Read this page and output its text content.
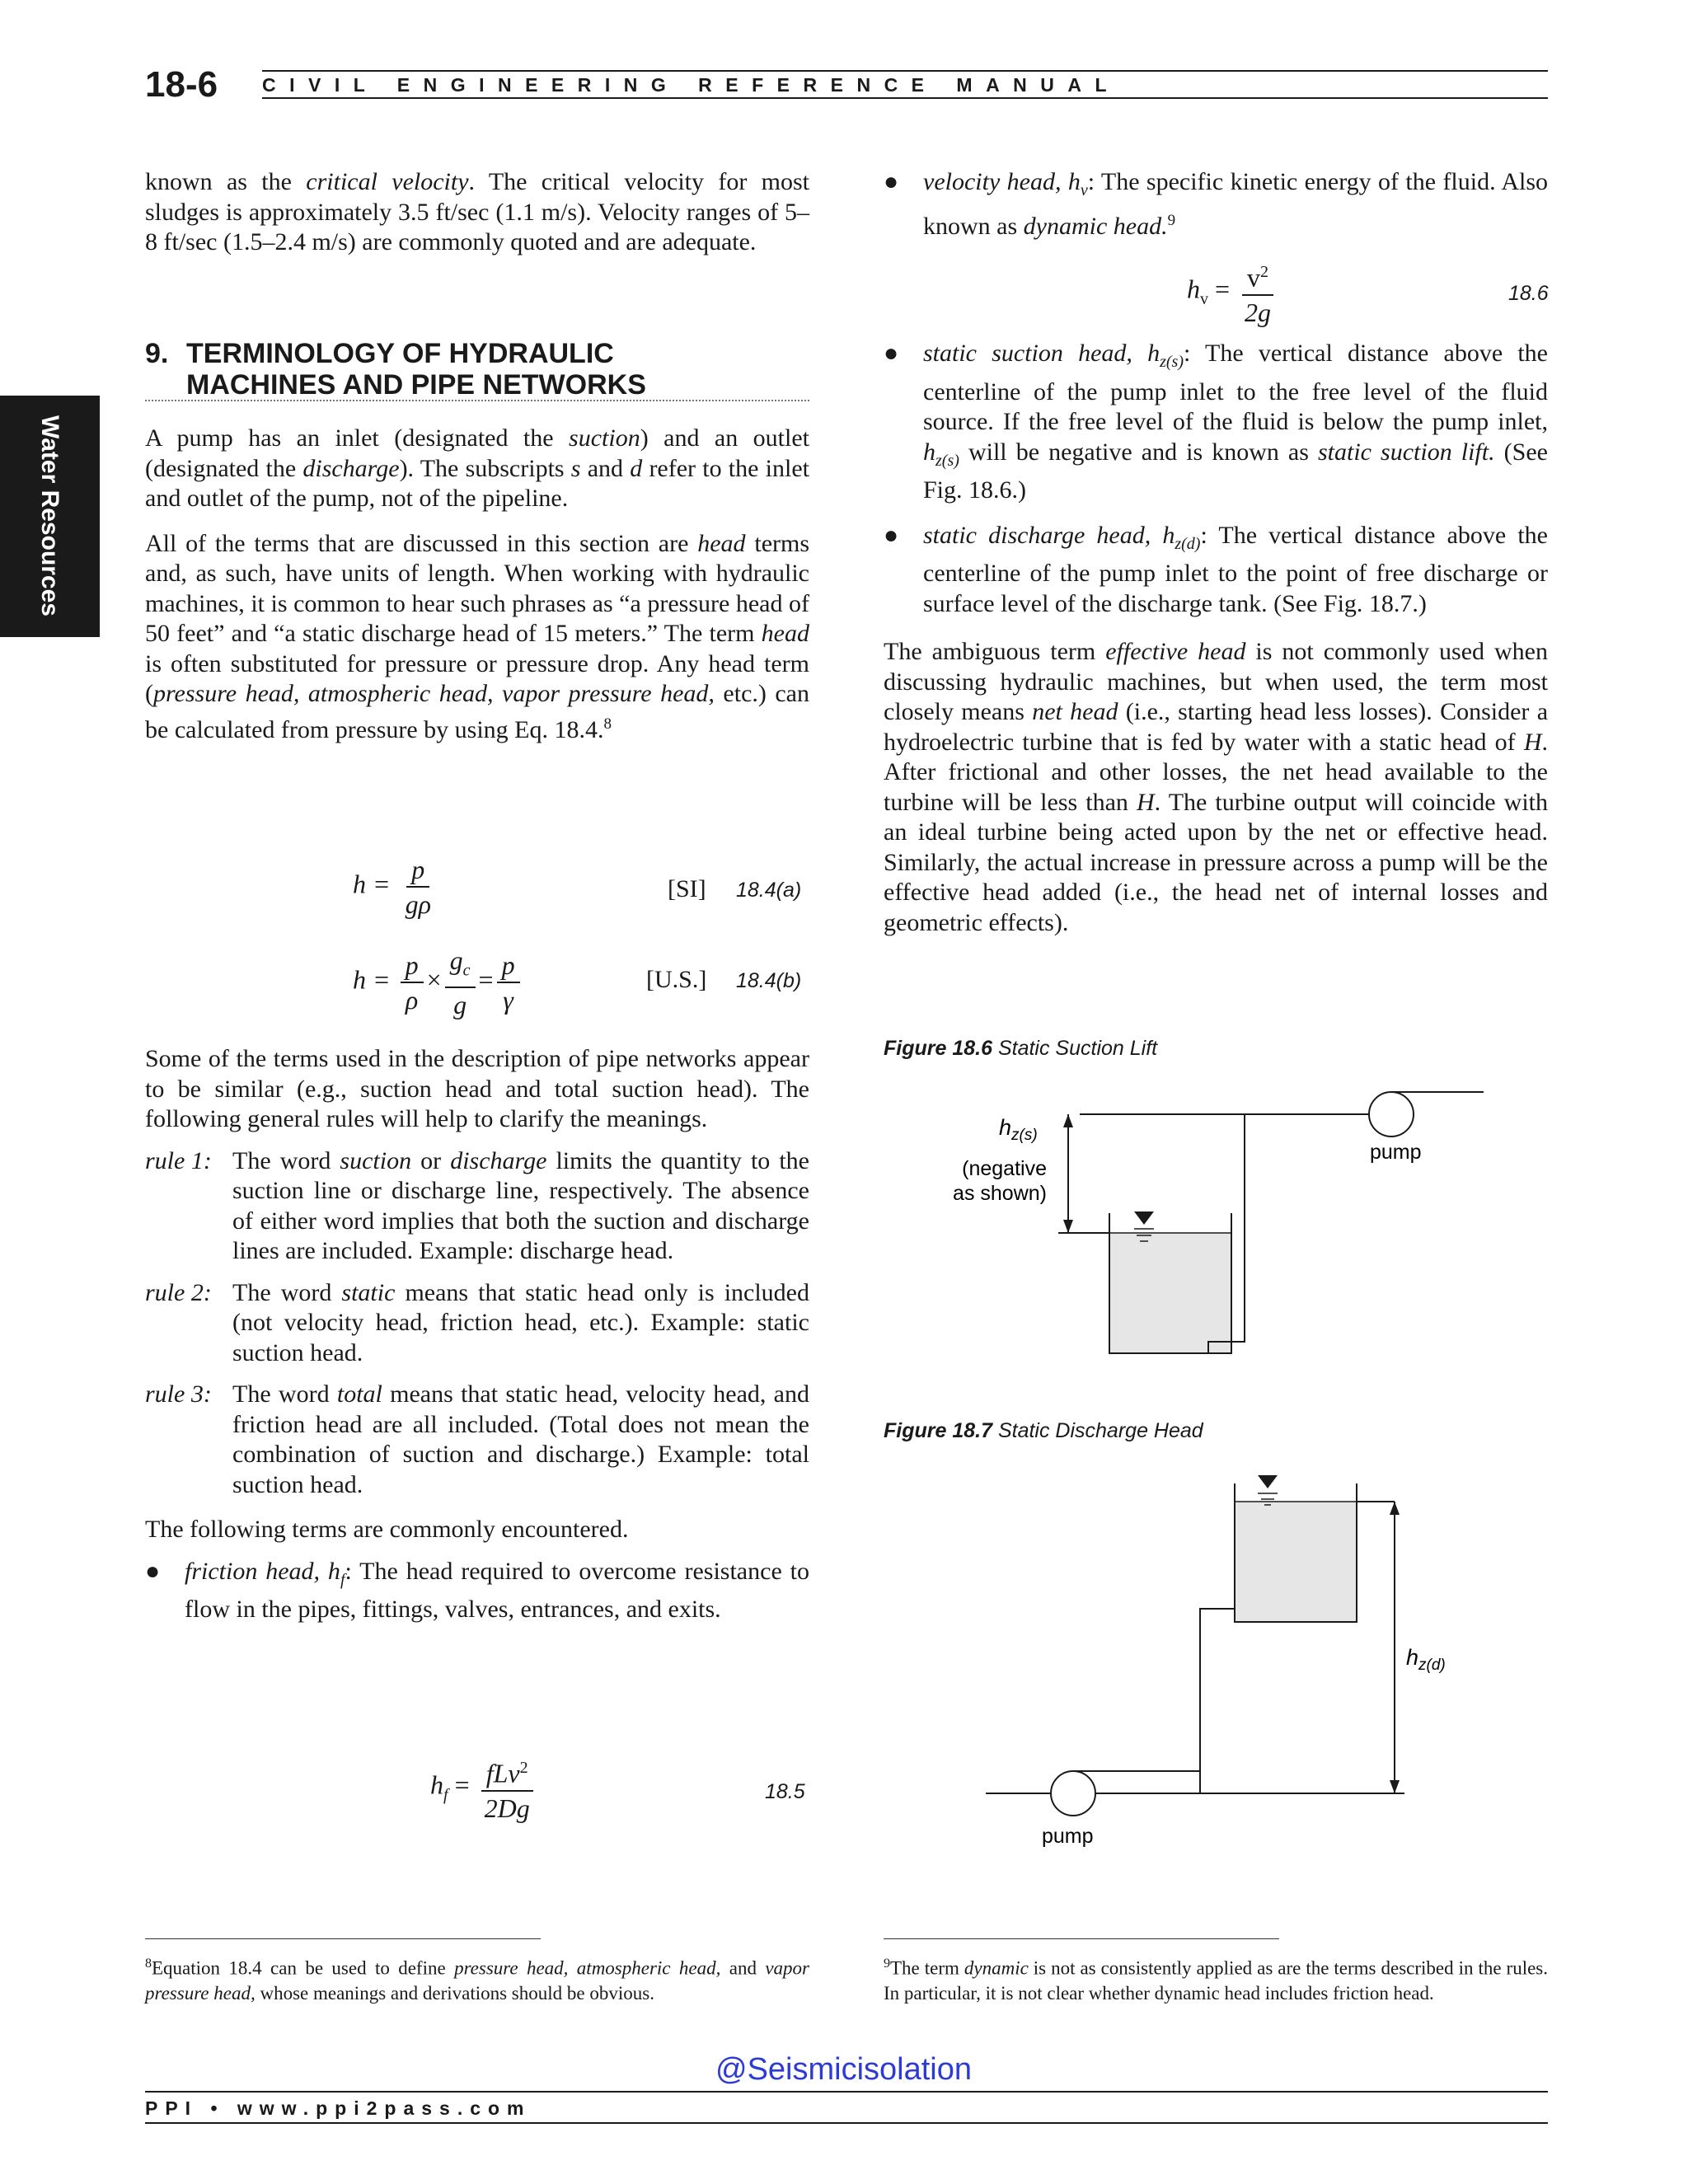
18-6 CIVIL ENGINEERING REFERENCE MANUAL
Water Resources

known as the critical velocity. The critical velocity for most sludges is approximately 3.5 ft/sec (1.1 m/s). Velocity ranges of 5–8 ft/sec (1.5–2.4 m/s) are commonly quoted and are adequate.

9. TERMINOLOGY OF HYDRAULIC
MACHINES AND PIPE NETWORKS

A pump has an inlet (designated the suction) and an outlet (designated the discharge). The subscripts s and d refer to the inlet and outlet of the pump, not of the pipeline.

All of the terms that are discussed in this section are head terms and, as such, have units of length. When working with hydraulic machines, it is common to hear such phrases as “a pressure head of 50 feet” and “a static discharge head of 15 meters.” The term head is often substituted for pressure or pressure drop. Any head term (pressure head, atmospheric head, vapor pressure head, etc.) can be calculated from pressure by using Eq. 18.4.$^8$

$h = \frac{p}{g\rho}$	[SI] 18.4(a)
$h = \frac{p}{\rho} \times \frac{g_c}{g} = \frac{p}{\gamma}$	[U.S.] 18.4(b)

Some of the terms used in the description of pipe networks appear to be similar (e.g., suction head and total suction head). The following general rules will help to clarify the meanings.

rule 1: The word suction or discharge limits the quantity to the suction line or discharge line, respectively. The absence of either word implies that both the suction and discharge lines are included. Example: discharge head.
rule 2: The word static means that static head only is included (not velocity head, friction head, etc.). Example: static suction head.
rule 3: The word total means that static head, velocity head, and friction head are all included. (Total does not mean the combination of suction and discharge.) Example: total suction head.

The following terms are commonly encountered.

● friction head, $h_f$: The head required to overcome resistance to flow in the pipes, fittings, valves, entrances, and exits.
$h_f = \frac{fLv^2}{2Dg}$	18.5
$^8$Equation 18.4 can be used to define pressure head, atmospheric head, and vapor pressure head, whose meanings and derivations should be obvious.
● velocity head, $h_v$: The specific kinetic energy of the fluid. Also known as dynamic head.$^9$
$h_v = \frac{v^2}{2g}$	18.6
● static suction head, $h_{z(s)}$: The vertical distance above the centerline of the pump inlet to the free level of the fluid source. If the free level of the fluid is below the pump inlet, $h_{z(s)}$ will be negative and is known as static suction lift. (See Fig. 18.6.)
● static discharge head, $h_{z(d)}$: The vertical distance above the centerline of the pump inlet to the point of free discharge or surface level of the discharge tank. (See Fig. 18.7.)

The ambiguous term effective head is not commonly used when discussing hydraulic machines, but when used, the term most closely means net head (i.e., starting head less losses). Consider a hydroelectric turbine that is fed by water with a static head of H. After frictional and other losses, the net head available to the turbine will be less than H. The turbine output will coincide with an ideal turbine being acted upon by the net or effective head. Similarly, the actual increase in pressure across a pump will be the effective head added (i.e., the head net of internal losses and geometric effects).

Figure 18.6 Static Suction Lift
pump
$h_{z(s)}$
(negative
as shown)
Figure 18.7 Static Discharge Head
pump
$h_{z(d)}$
$^9$The term dynamic is not as consistently applied as are the terms described in the rules. In particular, it is not clear whether dynamic head includes friction head.
@Seismicisolation
PPI • www.ppi2pass.com
